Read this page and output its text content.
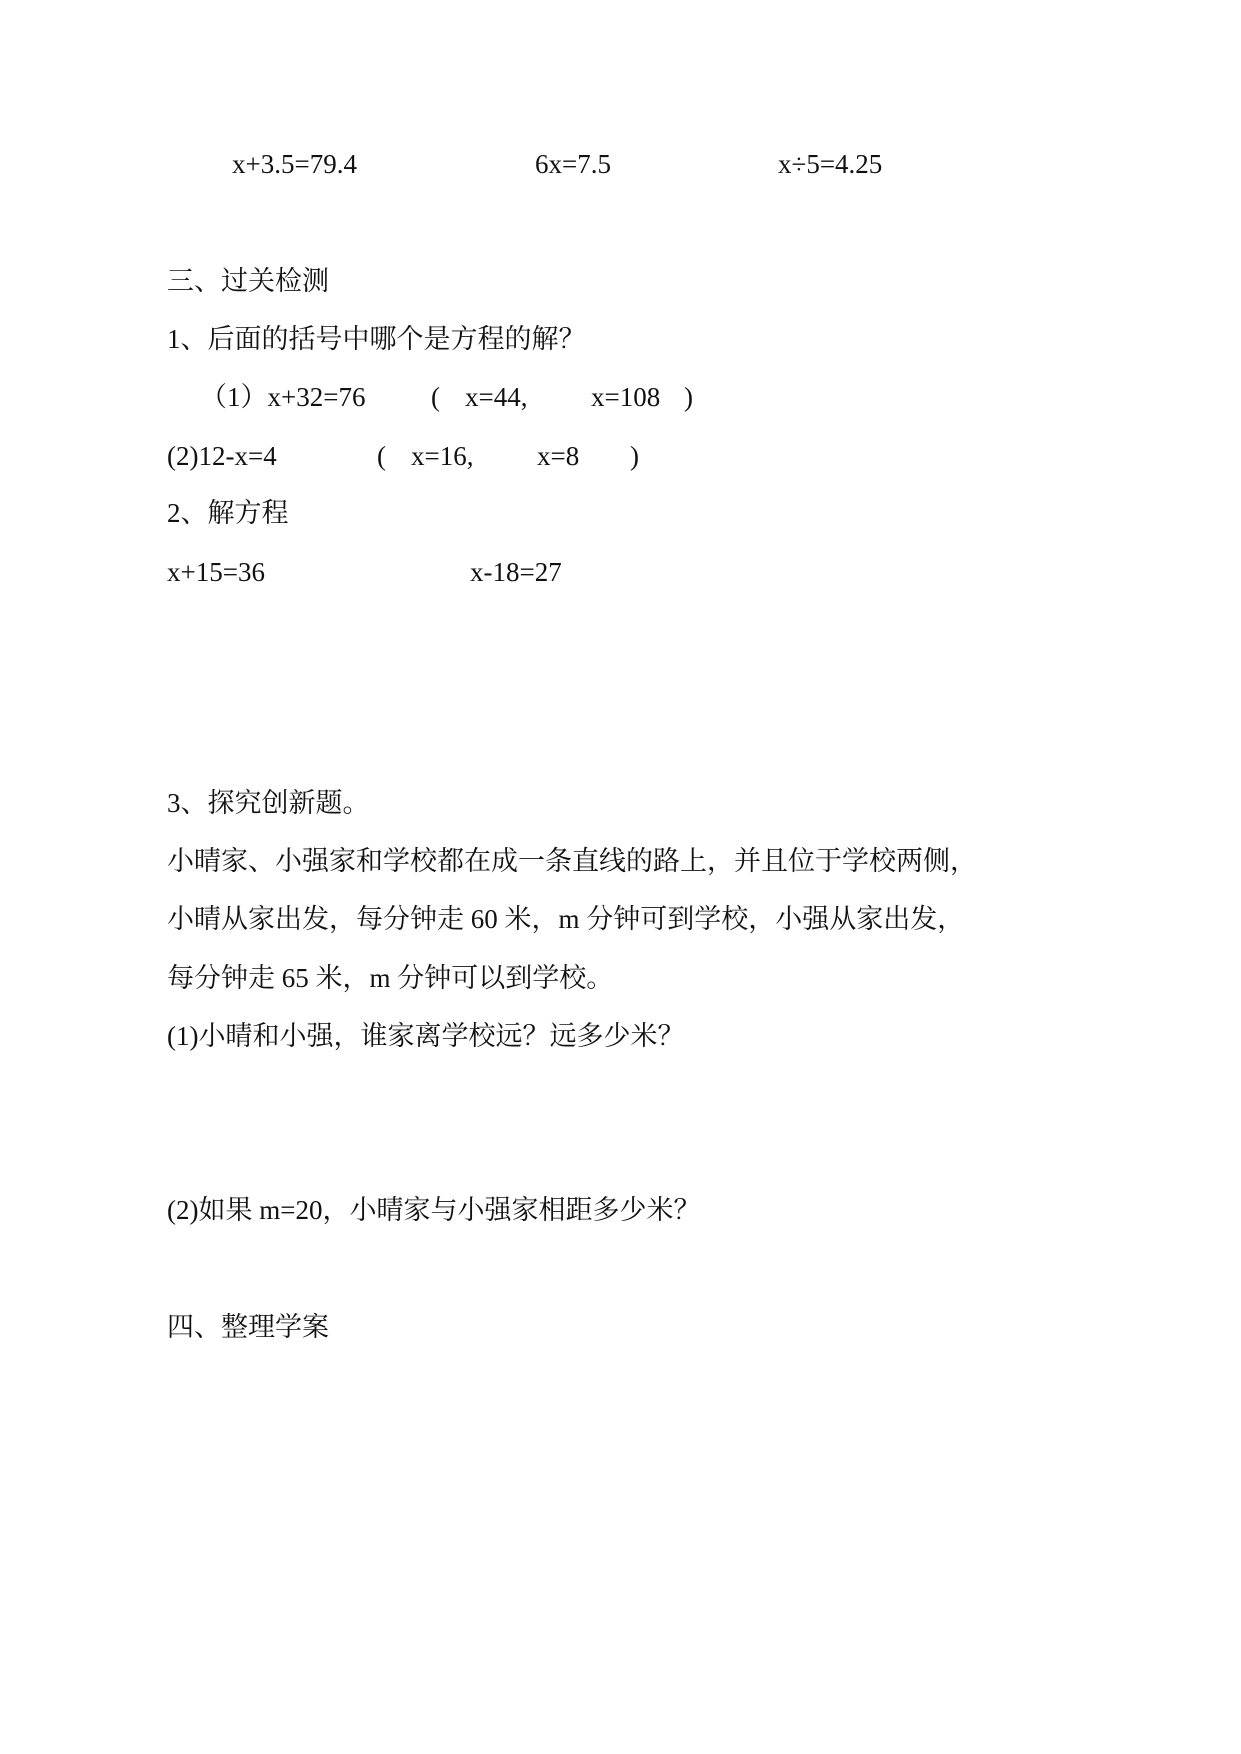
x+3.5=79.4	6x=7.5	x÷5=4.25
三、过关检测
1、后面的括号中哪个是方程的解？
（1）x+32=76 ( x=44, x=108 )
(2)12-x=4	( x=16, x=8 )
2、解方程
x+15=36	x-18=27
3、探究创新题。
小晴家、小强家和学校都在成一条直线的路上，并且位于学校两侧，
小晴从家出发，每分钟走 60 米，m 分钟可到学校，小强从家出发，
每分钟走 65 米，m 分钟可以到学校。
(1)小晴和小强，谁家离学校远？远多少米？
(2)如果 m=20，小晴家与小强家相距多少米？
四、整理学案
